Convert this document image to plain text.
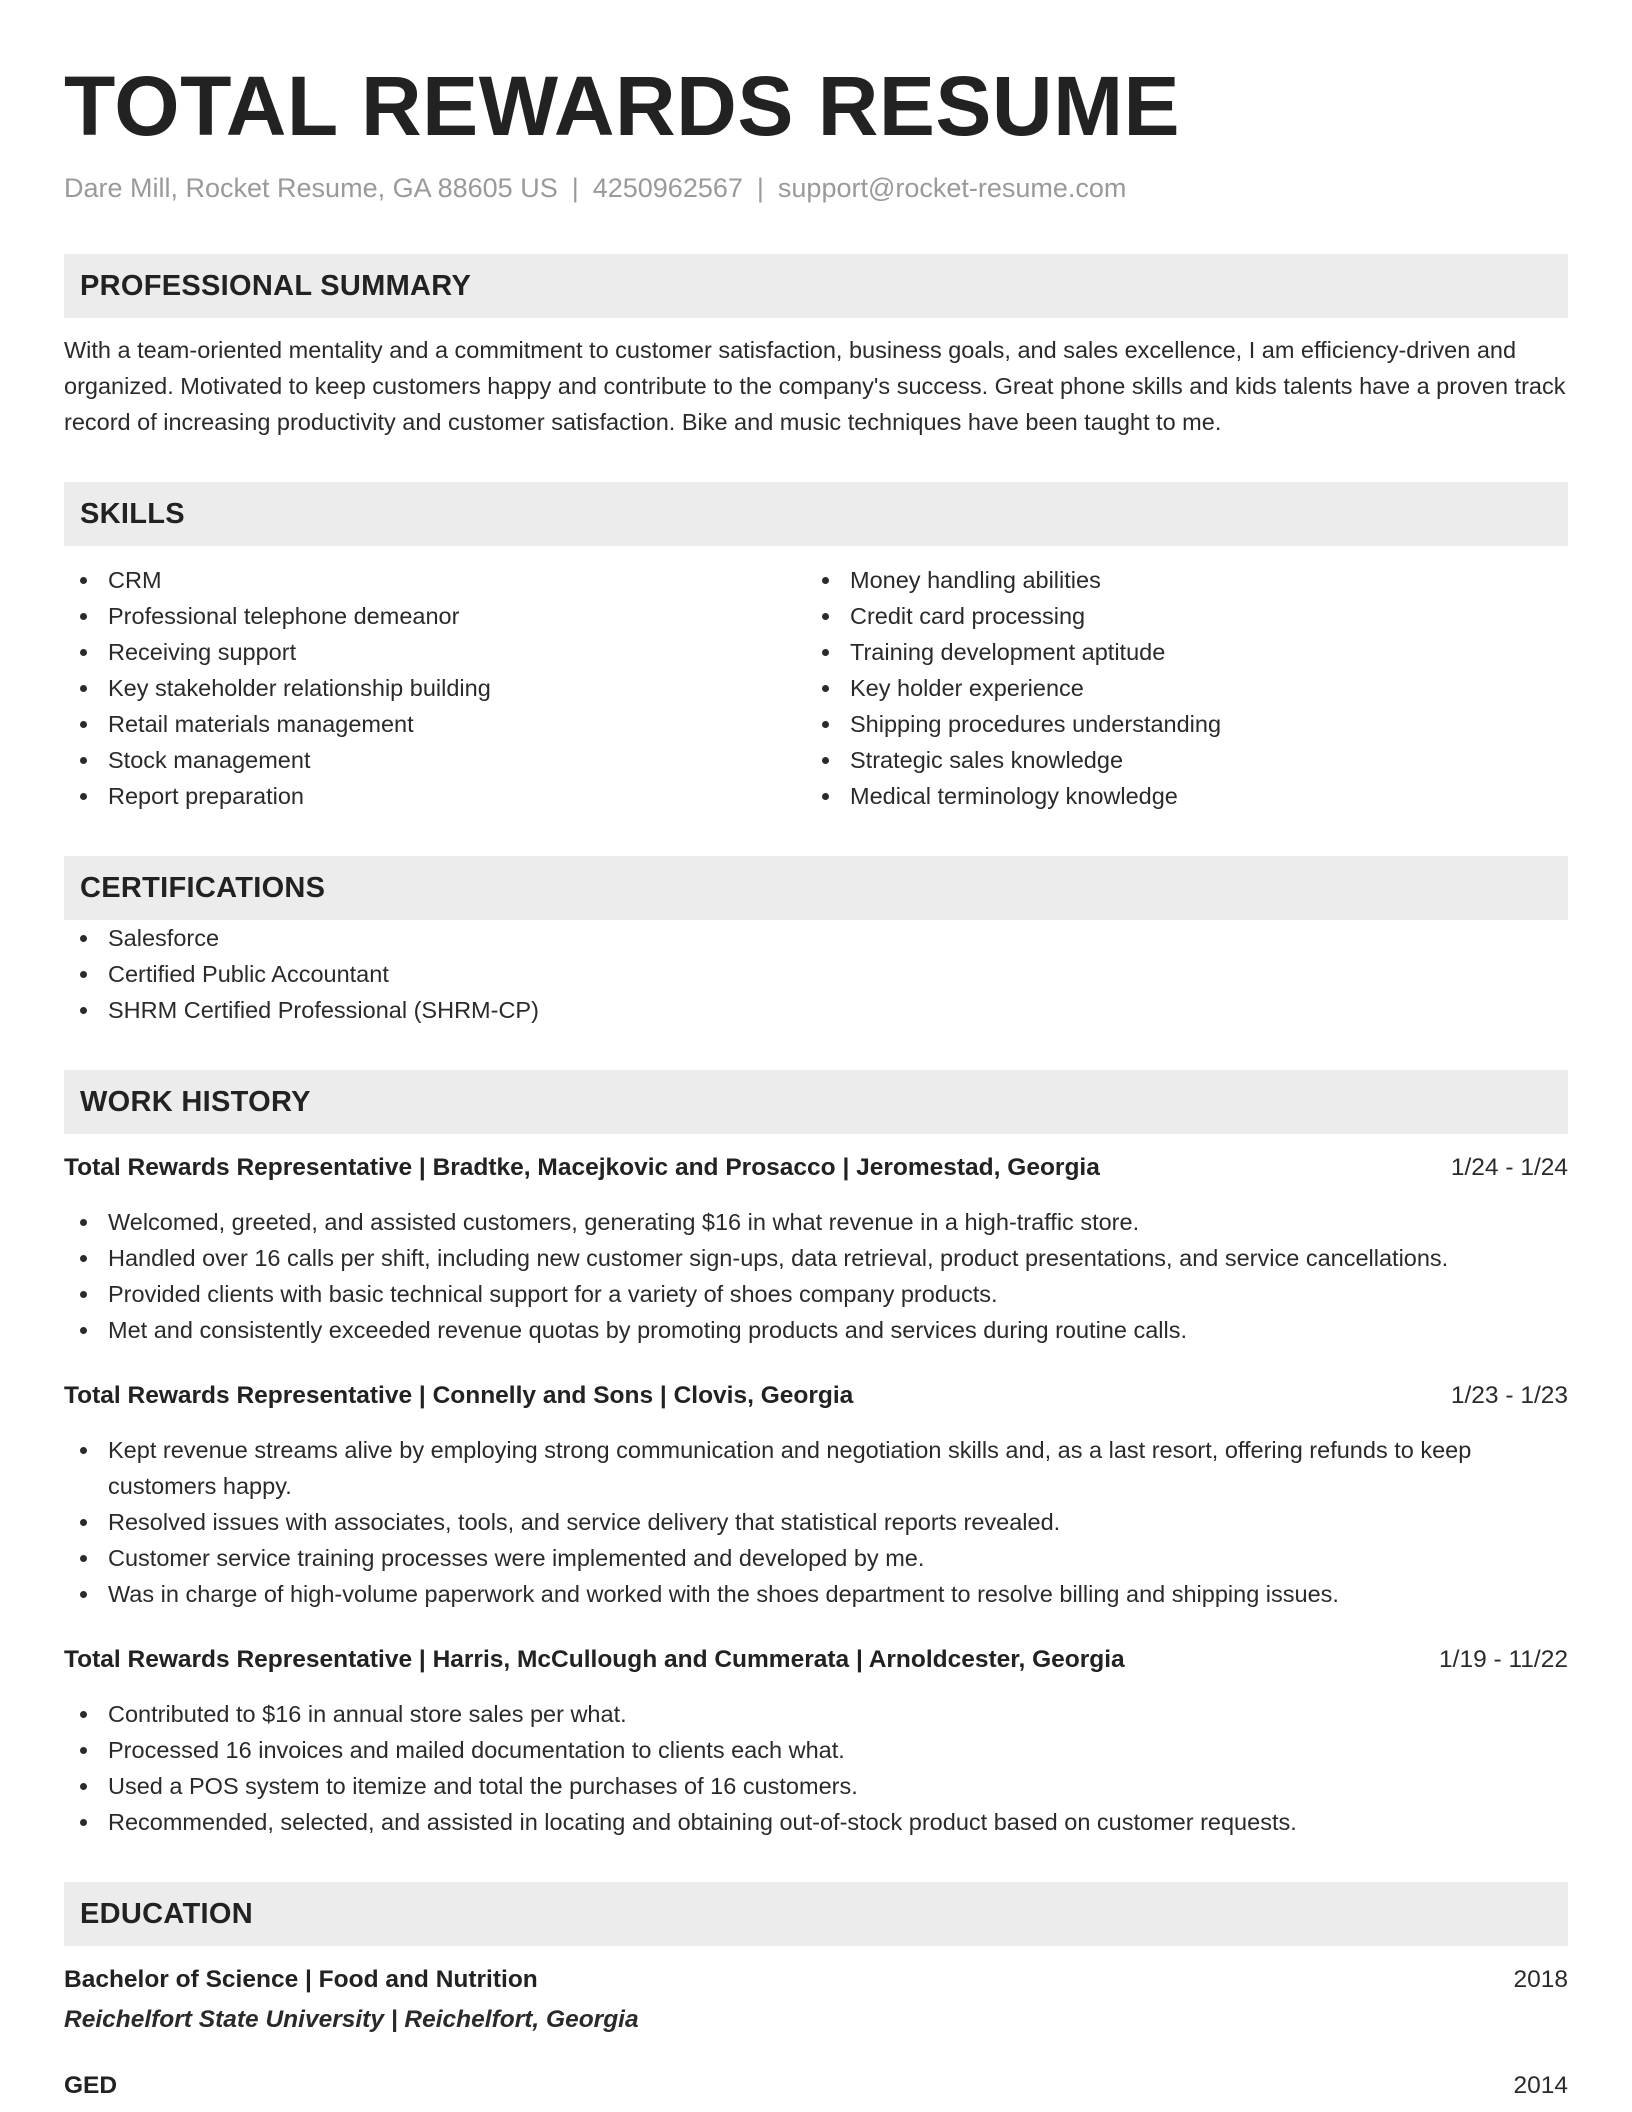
TOTAL REWARDS RESUME
Dare Mill, Rocket Resume, GA 88605 US | 4250962567 | support@rocket-resume.com
PROFESSIONAL SUMMARY
With a team-oriented mentality and a commitment to customer satisfaction, business goals, and sales excellence, I am efficiency-driven and organized. Motivated to keep customers happy and contribute to the company's success. Great phone skills and kids talents have a proven track record of increasing productivity and customer satisfaction. Bike and music techniques have been taught to me.
SKILLS
CRM
Professional telephone demeanor
Receiving support
Key stakeholder relationship building
Retail materials management
Stock management
Report preparation
Money handling abilities
Credit card processing
Training development aptitude
Key holder experience
Shipping procedures understanding
Strategic sales knowledge
Medical terminology knowledge
CERTIFICATIONS
Salesforce
Certified Public Accountant
SHRM Certified Professional (SHRM-CP)
WORK HISTORY
Total Rewards Representative | Bradtke, Macejkovic and Prosacco | Jeromestad, Georgia	1/24 - 1/24
Welcomed, greeted, and assisted customers, generating $16 in what revenue in a high-traffic store.
Handled over 16 calls per shift, including new customer sign-ups, data retrieval, product presentations, and service cancellations.
Provided clients with basic technical support for a variety of shoes company products.
Met and consistently exceeded revenue quotas by promoting products and services during routine calls.
Total Rewards Representative | Connelly and Sons | Clovis, Georgia	1/23 - 1/23
Kept revenue streams alive by employing strong communication and negotiation skills and, as a last resort, offering refunds to keep customers happy.
Resolved issues with associates, tools, and service delivery that statistical reports revealed.
Customer service training processes were implemented and developed by me.
Was in charge of high-volume paperwork and worked with the shoes department to resolve billing and shipping issues.
Total Rewards Representative | Harris, McCullough and Cummerata | Arnoldcester, Georgia	1/19 - 11/22
Contributed to $16 in annual store sales per what.
Processed 16 invoices and mailed documentation to clients each what.
Used a POS system to itemize and total the purchases of 16 customers.
Recommended, selected, and assisted in locating and obtaining out-of-stock product based on customer requests.
EDUCATION
Bachelor of Science | Food and Nutrition	2018
Reichelfort State University | Reichelfort, Georgia
GED	2014
